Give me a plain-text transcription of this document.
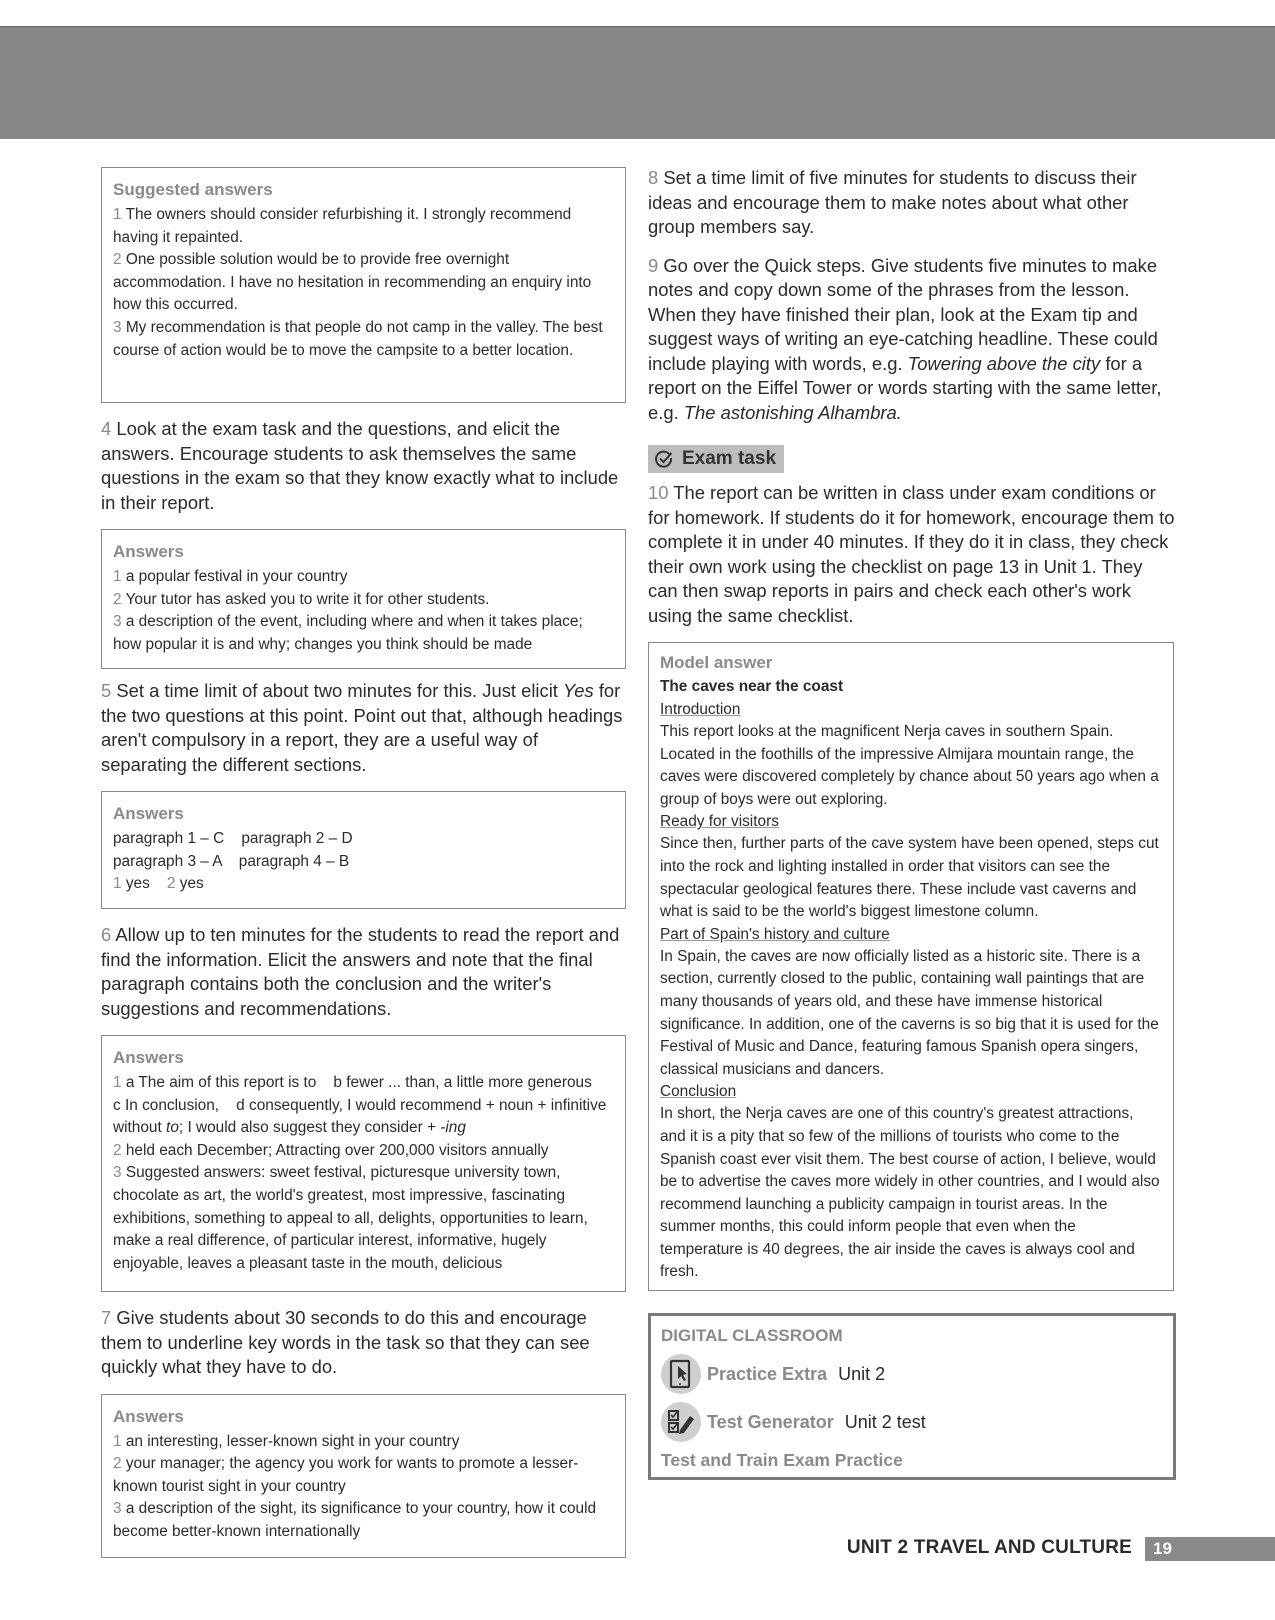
Suggested answers
1 The owners should consider refurbishing it. I strongly recommend having it repainted.
2 One possible solution would be to provide free overnight accommodation. I have no hesitation in recommending an enquiry into how this occurred.
3 My recommendation is that people do not camp in the valley. The best course of action would be to move the campsite to a better location.
4 Look at the exam task and the questions, and elicit the answers. Encourage students to ask themselves the same questions in the exam so that they know exactly what to include in their report.
Answers
1 a popular festival in your country
2 Your tutor has asked you to write it for other students.
3 a description of the event, including where and when it takes place; how popular it is and why; changes you think should be made
5 Set a time limit of about two minutes for this. Just elicit Yes for the two questions at this point. Point out that, although headings aren't compulsory in a report, they are a useful way of separating the different sections.
Answers
paragraph 1 – C    paragraph 2 – D
paragraph 3 – A    paragraph 4 – B
1 yes 2 yes
6 Allow up to ten minutes for the students to read the report and find the information. Elicit the answers and note that the final paragraph contains both the conclusion and the writer's suggestions and recommendations.
Answers
1 a The aim of this report is to    b fewer ... than, a little more generous    c In conclusion,    d consequently, I would recommend + noun + infinitive without to; I would also suggest they consider + -ing
2 held each December; Attracting over 200,000 visitors annually
3 Suggested answers: sweet festival, picturesque university town, chocolate as art, the world's greatest, most impressive, fascinating exhibitions, something to appeal to all, delights, opportunities to learn, make a real difference, of particular interest, informative, hugely enjoyable, leaves a pleasant taste in the mouth, delicious
7 Give students about 30 seconds to do this and encourage them to underline key words in the task so that they can see quickly what they have to do.
Answers
1 an interesting, lesser-known sight in your country
2 your manager; the agency you work for wants to promote a lesser-known tourist sight in your country
3 a description of the sight, its significance to your country, how it could become better-known internationally
8 Set a time limit of five minutes for students to discuss their ideas and encourage them to make notes about what other group members say.
9 Go over the Quick steps. Give students five minutes to make notes and copy down some of the phrases from the lesson. When they have finished their plan, look at the Exam tip and suggest ways of writing an eye-catching headline. These could include playing with words, e.g. Towering above the city for a report on the Eiffel Tower or words starting with the same letter, e.g. The astonishing Alhambra.
Exam task
10 The report can be written in class under exam conditions or for homework. If students do it for homework, encourage them to complete it in under 40 minutes. If they do it in class, they check their own work using the checklist on page 13 in Unit 1. They can then swap reports in pairs and check each other's work using the same checklist.
Model answer
The caves near the coast
Introduction
This report looks at the magnificent Nerja caves in southern Spain. Located in the foothills of the impressive Almijara mountain range, the caves were discovered completely by chance about 50 years ago when a group of boys were out exploring.
Ready for visitors
Since then, further parts of the cave system have been opened, steps cut into the rock and lighting installed in order that visitors can see the spectacular geological features there. These include vast caverns and what is said to be the world's biggest limestone column.
Part of Spain's history and culture
In Spain, the caves are now officially listed as a historic site. There is a section, currently closed to the public, containing wall paintings that are many thousands of years old, and these have immense historical significance. In addition, one of the caverns is so big that it is used for the Festival of Music and Dance, featuring famous Spanish opera singers, classical musicians and dancers.
Conclusion
In short, the Nerja caves are one of this country's greatest attractions, and it is a pity that so few of the millions of tourists who come to the Spanish coast ever visit them. The best course of action, I believe, would be to advertise the caves more widely in other countries, and I would also recommend launching a publicity campaign in tourist areas. In the summer months, this could inform people that even when the temperature is 40 degrees, the air inside the caves is always cool and fresh.
DIGITAL CLASSROOM
Practice Extra Unit 2
Test Generator Unit 2 test
Test and Train Exam Practice
UNIT 2 TRAVEL AND CULTURE	19
